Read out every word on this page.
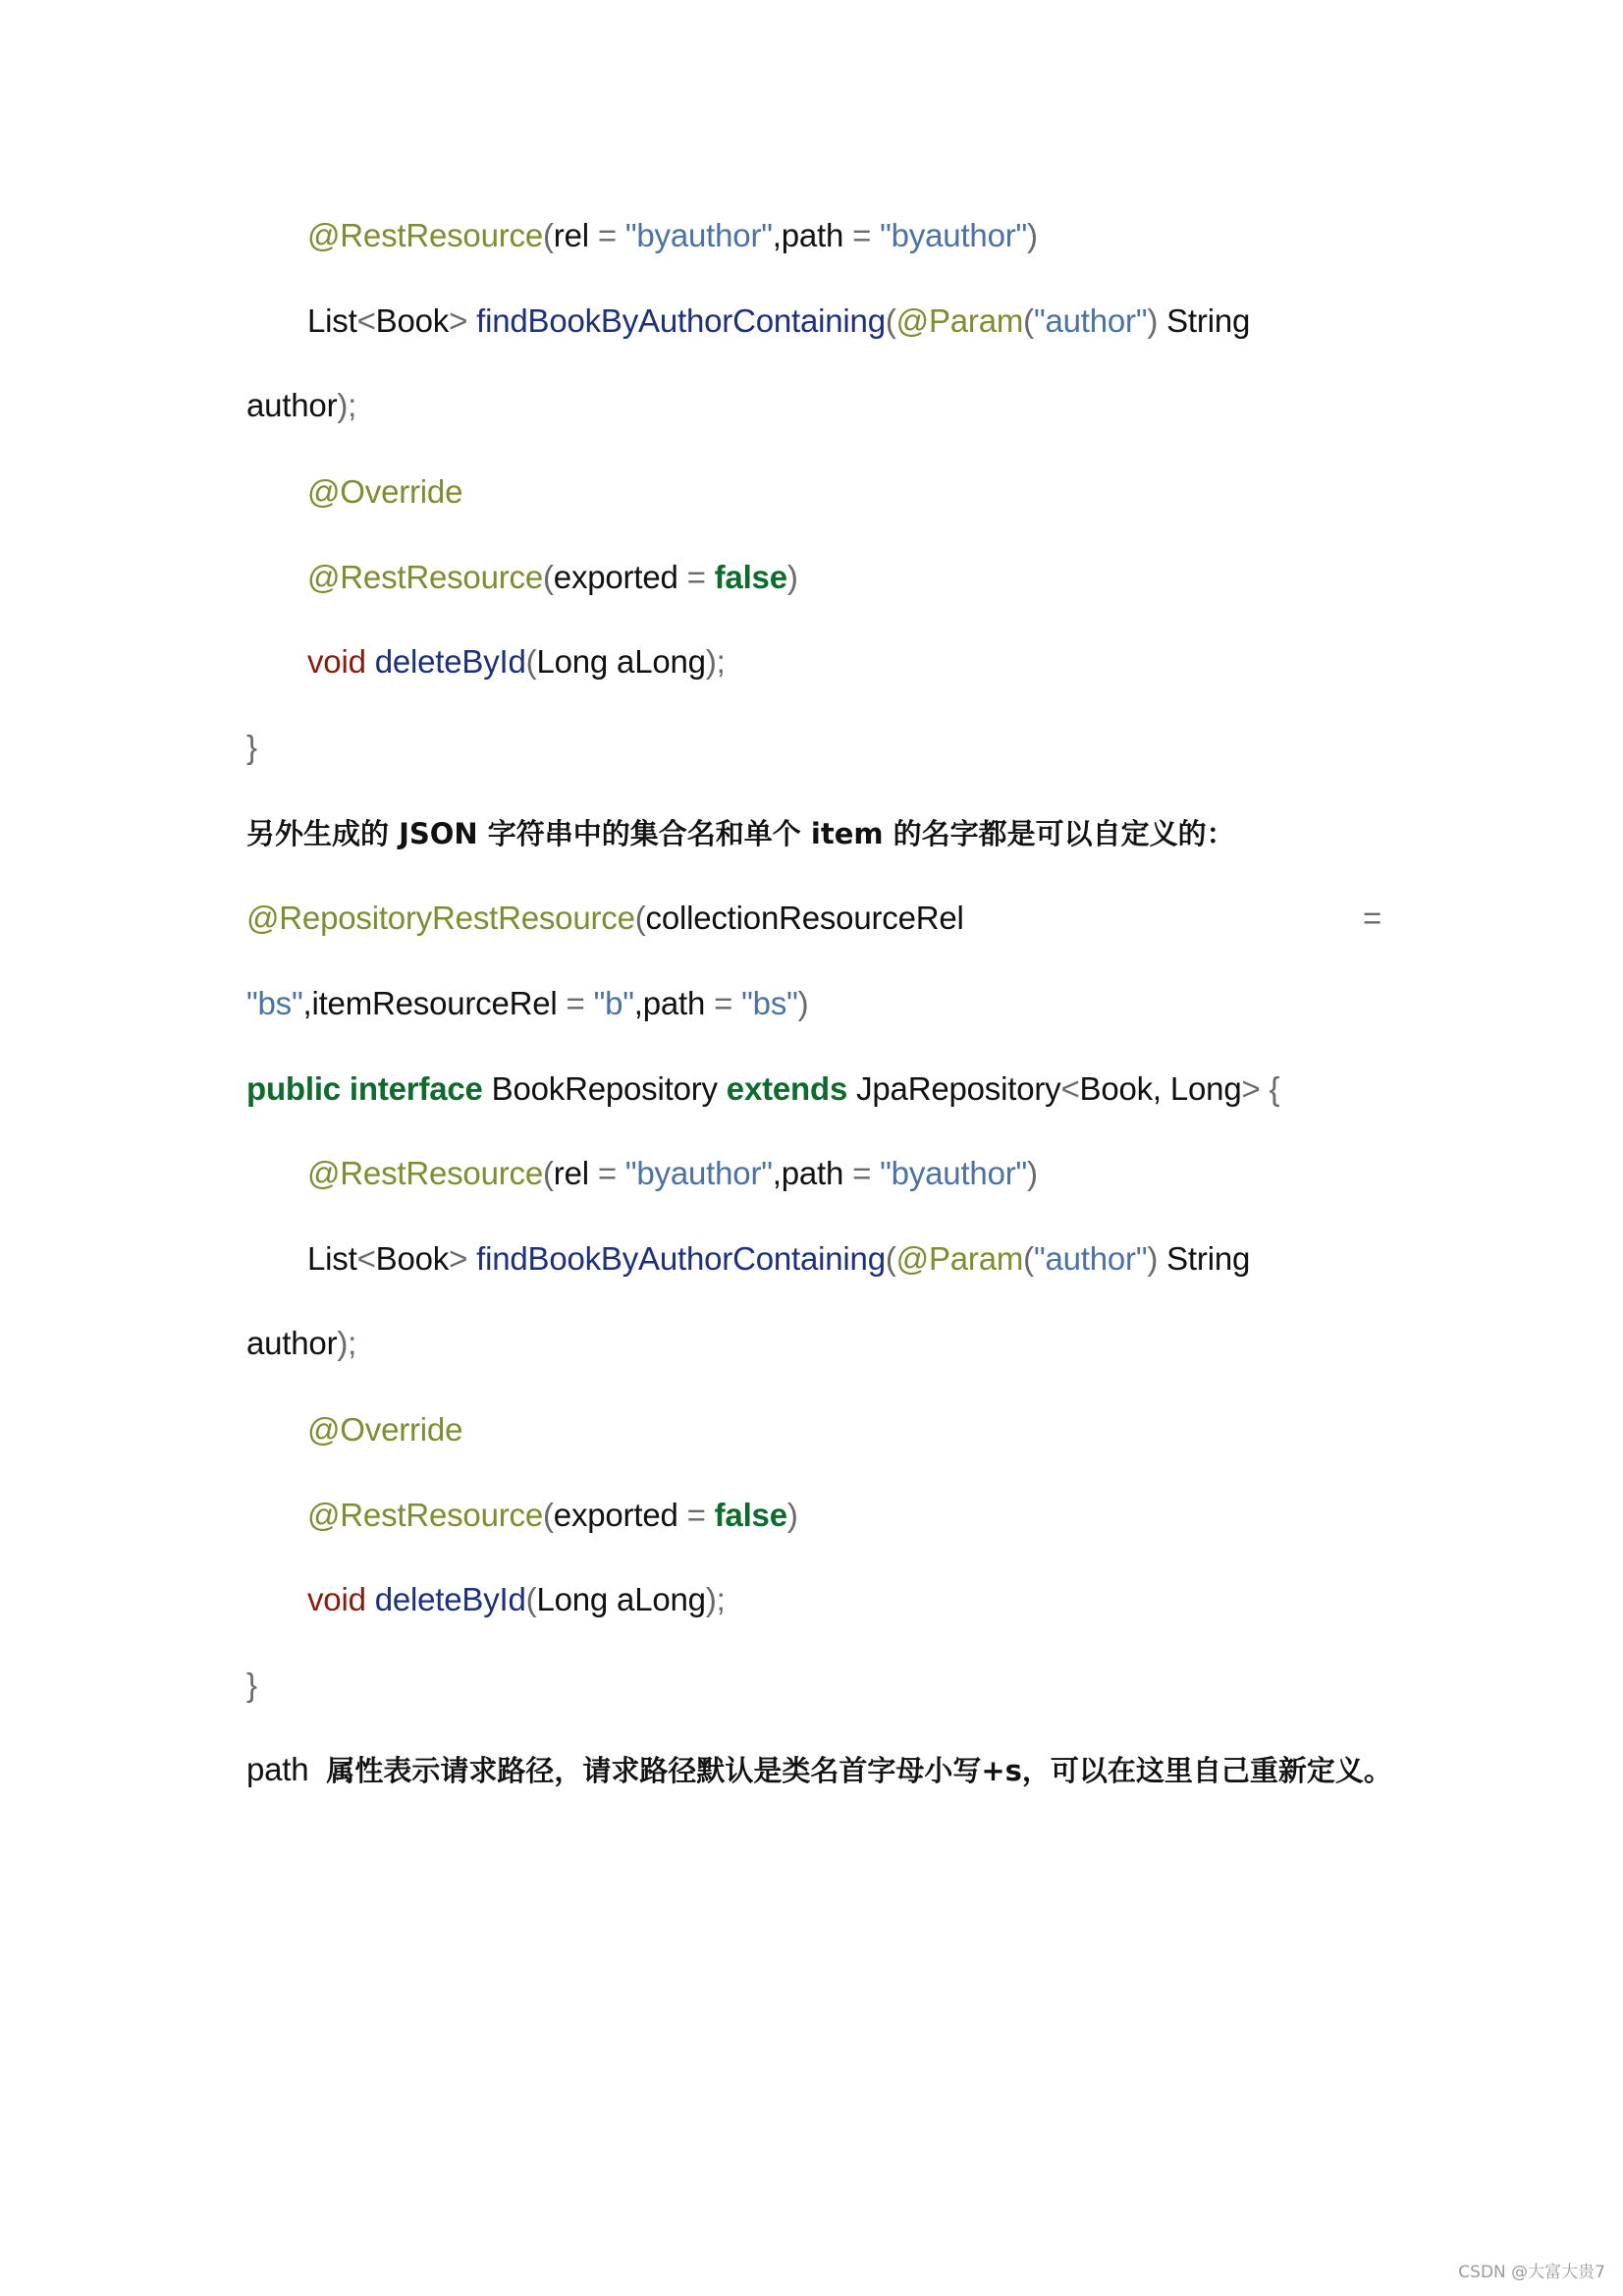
@RestResource(rel = "byauthor",path = "byauthor")
List<Book> findBookByAuthorContaining(@Param("author") String
author);
@Override
@RestResource(exported = false)
void deleteById(Long aLong);
}
另外生成的 JSON 字符串中的集合名和单个 item 的名字都是可以自定义的：
@RepositoryRestResource(collectionResourceRel	=
"bs",itemResourceRel = "b",path = "bs")
public interface BookRepository extends JpaRepository<Book, Long> {
@RestResource(rel = "byauthor",path = "byauthor")
List<Book> findBookByAuthorContaining(@Param("author") String
author);
@Override
@RestResource(exported = false)
void deleteById(Long aLong);
}
path 属性表示请求路径，请求路径默认是类名首字母小写+s，可以在这里自己重新定义。
CSDN @大富大贵7
